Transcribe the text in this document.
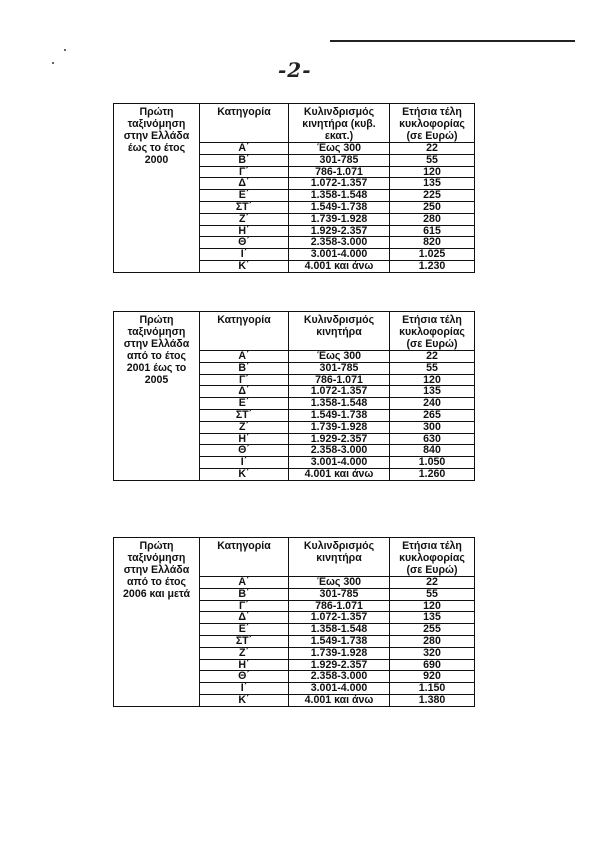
-2-
Πρώτη ταξινόμηση στην Ελλάδα έως το έτος 2000	Κατηγορία	Κυλινδρισμός κινητήρα (κυβ. εκατ.)	Ετήσια τέλη κυκλοφορίας (σε Ευρώ)
	Α΄	Έως 300	22
	Β΄	301-785	55
	Γ΄	786-1.071	120
	Δ΄	1.072-1.357	135
	Ε΄	1.358-1.548	225
	ΣΤ΄	1.549-1.738	250
	Ζ΄	1.739-1.928	280
	Η΄	1.929-2.357	615
	Θ΄	2.358-3.000	820
	Ι΄	3.001-4.000	1.025
	Κ΄	4.001 και άνω	1.230
Πρώτη ταξινόμηση στην Ελλάδα από το έτος 2001 έως το 2005	Κατηγορία	Κυλινδρισμός κινητήρα	Ετήσια τέλη κυκλοφορίας (σε Ευρώ)
	Α΄	Έως 300	22
	Β΄	301-785	55
	Γ΄	786-1.071	120
	Δ΄	1.072-1.357	135
	Ε΄	1.358-1.548	240
	ΣΤ΄	1.549-1.738	265
	Ζ΄	1.739-1.928	300
	Η΄	1.929-2.357	630
	Θ΄	2.358-3.000	840
	Ι΄	3.001-4.000	1.050
	Κ΄	4.001 και άνω	1.260
Πρώτη ταξινόμηση στην Ελλάδα από το έτος 2006 και μετά	Κατηγορία	Κυλινδρισμός κινητήρα	Ετήσια τέλη κυκλοφορίας (σε Ευρώ)
	Α΄	Έως 300	22
	Β΄	301-785	55
	Γ΄	786-1.071	120
	Δ΄	1.072-1.357	135
	Ε΄	1.358-1.548	255
	ΣΤ΄	1.549-1.738	280
	Ζ΄	1.739-1.928	320
	Η΄	1.929-2.357	690
	Θ΄	2.358-3.000	920
	Ι΄	3.001-4.000	1.150
	Κ΄	4.001 και άνω	1.380
